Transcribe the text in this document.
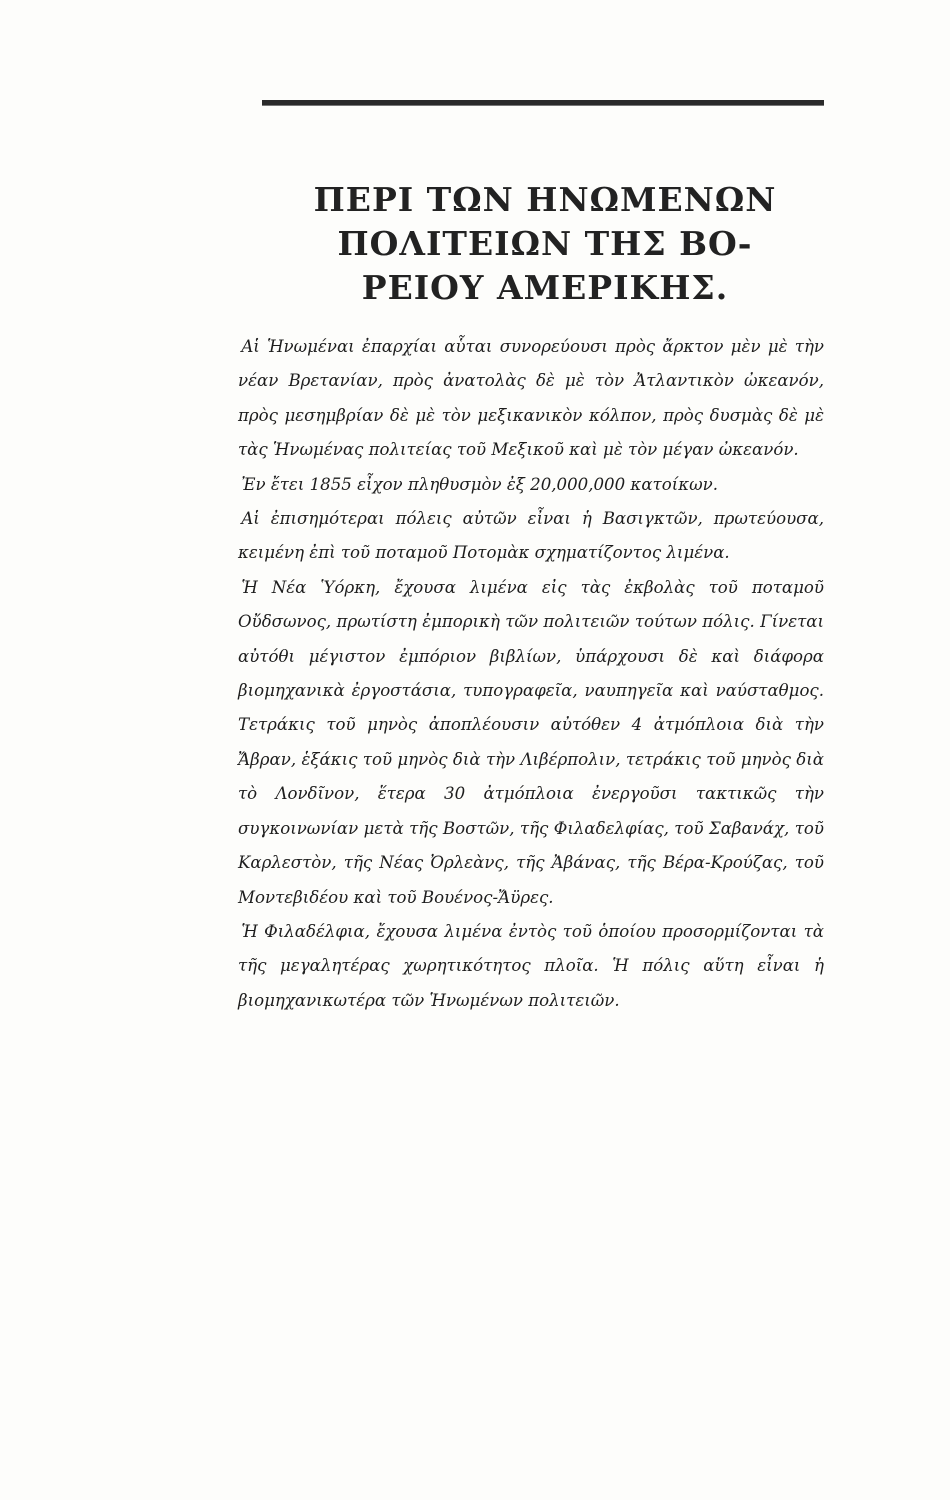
ΠΕΡΙ ΤΩΝ ΗΝΩΜΕΝΩΝ
ΠΟΛΙΤΕΙΩΝ ΤΗΣ ΒΟ-
ΡΕΙΟΥ ΑΜΕΡΙΚΗΣ.

Αἱ Ἡνωμέναι ἐπαρχίαι αὗται συνορεύουσι πρὸς ἄρκτον μὲν μὲ τὴν νέαν Βρετανίαν, πρὸς ἀνατολὰς δὲ μὲ τὸν Ἀτλαντικὸν ὠκεανόν, πρὸς μεσημβρίαν δὲ μὲ τὸν μεξικανικὸν κόλπον, πρὸς δυσμὰς δὲ μὲ τὰς Ἡνωμένας πολιτείας τοῦ Μεξικοῦ καὶ μὲ τὸν μέγαν ὠκεανόν.

Ἐν ἔτει 1855 εἶχον πληθυσμὸν ἐξ 20,000,000 κατοίκων.

Αἱ ἐπισημότεραι πόλεις αὐτῶν εἶναι ἡ Βασιγκτῶν, πρωτεύουσα, κειμένη ἐπὶ τοῦ ποταμοῦ Ποτομὰκ σχηματίζοντος λιμένα.

Ἡ Νέα Ὑόρκη, ἔχουσα λιμένα εἰς τὰς ἐκβολὰς τοῦ ποταμοῦ Οὔδσωνος, πρωτίστη ἐμπορικὴ τῶν πολιτειῶν τούτων πόλις. Γίνεται αὐτόθι μέγιστον ἐμπόριον βιβλίων, ὑπάρχουσι δὲ καὶ διάφορα βιομηχανικὰ ἐργοστάσια, τυπογραφεῖα, ναυπηγεῖα καὶ ναύσταθμος. Τετράκις τοῦ μηνὸς ἀποπλέουσιν αὐτόθεν 4 ἀτμόπλοια διὰ τὴν Ἄβραν, ἑξάκις τοῦ μηνὸς διὰ τὴν Λιβέρπολιν, τετράκις τοῦ μηνὸς διὰ τὸ Λονδῖνον, ἕτερα 30 ἀτμόπλοια ἐνεργοῦσι τακτικῶς τὴν συγκοινωνίαν μετὰ τῆς Βοστῶν, τῆς Φιλαδελφίας, τοῦ Σαβανάχ, τοῦ Καρλεστὸν, τῆς Νέας Ὀρλεὰνς, τῆς Ἀβάνας, τῆς Βέρα-Κρούζας, τοῦ Μοντεβιδέου καὶ τοῦ Βουένος-Ἄϋρες.

Ἡ Φιλαδέλφια, ἔχουσα λιμένα ἐντὸς τοῦ ὁποίου προσορμίζονται τὰ τῆς μεγαλητέρας χωρητικότητος πλοῖα. Ἡ πόλις αὕτη εἶναι ἡ βιομηχανικωτέρα τῶν Ἡνωμένων πολιτειῶν.
